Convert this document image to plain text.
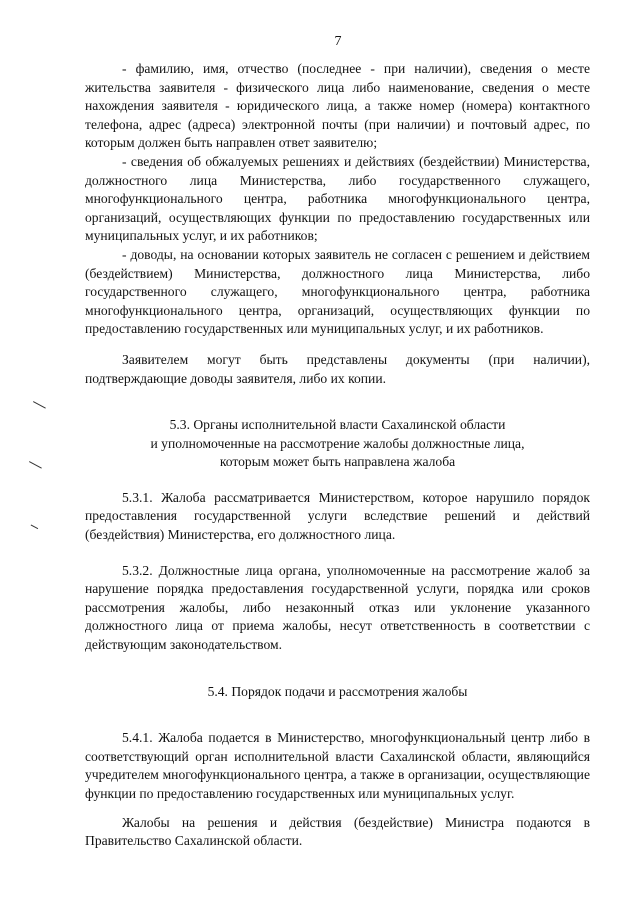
7

- фамилию, имя, отчество (последнее - при наличии), сведения о месте жительства заявителя - физического лица либо наименование, сведения о месте нахождения заявителя - юридического лица, а также номер (номера) контактного телефона, адрес (адреса) электронной почты (при наличии) и почтовый адрес, по которым должен быть направлен ответ заявителю;

- сведения об обжалуемых решениях и действиях (бездействии) Министерства, должностного лица Министерства, либо государственного служащего, многофункционального центра, работника многофункционального центра, организаций, осуществляющих функции по предоставлению государственных или муниципальных услуг, и их работников;

- доводы, на основании которых заявитель не согласен с решением и действием (бездействием) Министерства, должностного лица Министерства, либо государственного служащего, многофункционального центра, работника многофункционального центра, организаций, осуществляющих функции по предоставлению государственных или муниципальных услуг, и их работников.

Заявителем могут быть представлены документы (при наличии), подтверждающие доводы заявителя, либо их копии.

5.3. Органы исполнительной власти Сахалинской области
и уполномоченные на рассмотрение жалобы должностные лица,
которым может быть направлена жалоба

5.3.1. Жалоба рассматривается Министерством, которое нарушило порядок предоставления государственной услуги вследствие решений и действий (бездействия) Министерства, его должностного лица.

5.3.2. Должностные лица органа, уполномоченные на рассмотрение жалоб за нарушение порядка предоставления государственной услуги, порядка или сроков рассмотрения жалобы, либо незаконный отказ или уклонение указанного должностного лица от приема жалобы, несут ответственность в соответствии с действующим законодательством.

5.4. Порядок подачи и рассмотрения жалобы

5.4.1. Жалоба подается в Министерство, многофункциональный центр либо в соответствующий орган исполнительной власти Сахалинской области, являющийся учредителем многофункционального центра, а также в организации, осуществляющие функции по предоставлению государственных или муниципальных услуг.

Жалобы на решения и действия (бездействие) Министра подаются в Правительство Сахалинской области.
